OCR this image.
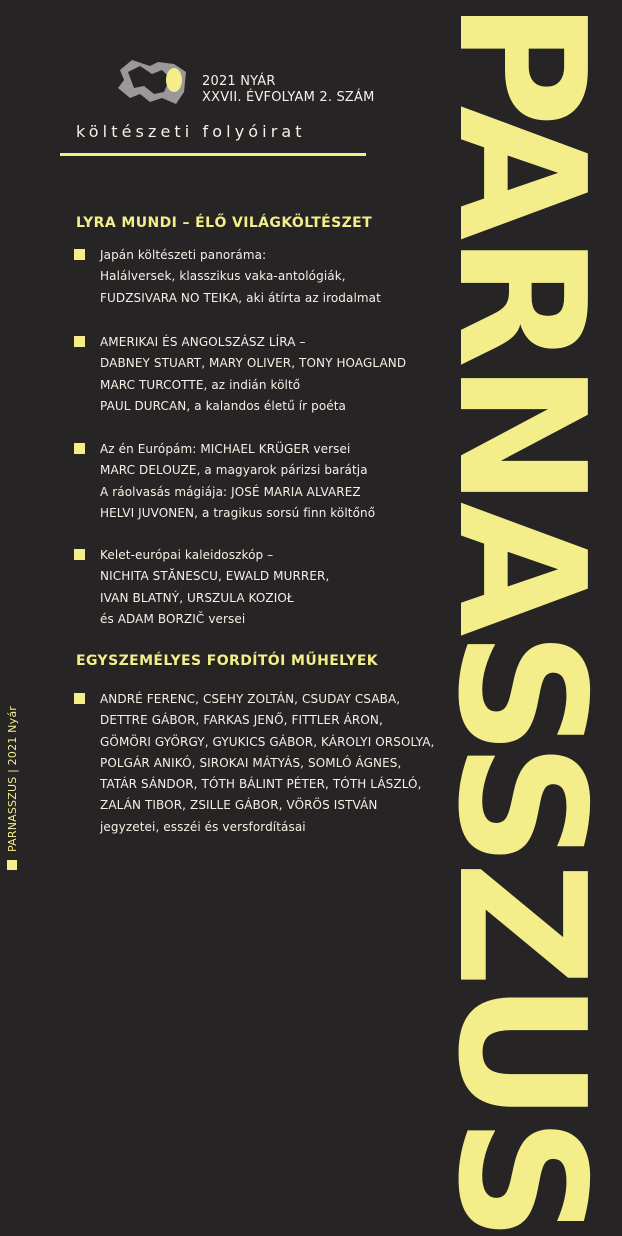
PARNASSZUS
PARNASSZUS | 2021 Nyár
2021 NYÁR
XXVII. ÉVFOLYAM 2. SZÁM
költészeti folyóirat
LYRA MUNDI – ÉLŐ VILÁGKÖLTÉSZET
Japán költészeti panoráma:
Halálversek, klasszikus vaka-antológiák,
FUDZSIVARA NO TEIKA, aki átírta az irodalmat
AMERIKAI ÉS ANGOLSZÁSZ LÍRA –
DABNEY STUART, MARY OLIVER, TONY HOAGLAND
MARC TURCOTTE, az indián költő
PAUL DURCAN, a kalandos életű ír poéta
Az én Európám: MICHAEL KRÜGER versei
MARC DELOUZE, a magyarok párizsi barátja
A ráolvasás mágiája: JOSÉ MARIA ALVAREZ
HELVI JUVONEN, a tragikus sorsú finn költőnő
Kelet-európai kaleidoszkóp –
NICHITA STĂNESCU, EWALD MURRER,
IVAN BLATNÝ, URSZULA KOZIOŁ
és ADAM BORZIČ versei
EGYSZEMÉLYES FORDÍTÓI MŰHELYEK
ANDRÉ FERENC, CSEHY ZOLTÁN, CSUDAY CSABA,
DETTRE GÁBOR, FARKAS JENŐ, FITTLER ÁRON,
GÖMÖRI GYÖRGY, GYUKICS GÁBOR, KÁROLYI ORSOLYA,
POLGÁR ANIKÓ, SIROKAI MÁTYÁS, SOMLÓ ÁGNES,
TATÁR SÁNDOR, TÓTH BÁLINT PÉTER, TÓTH LÁSZLÓ,
ZALÁN TIBOR, ZSILLE GÁBOR, VÖRÖS ISTVÁN
jegyzetei, esszéi és versfordításai
